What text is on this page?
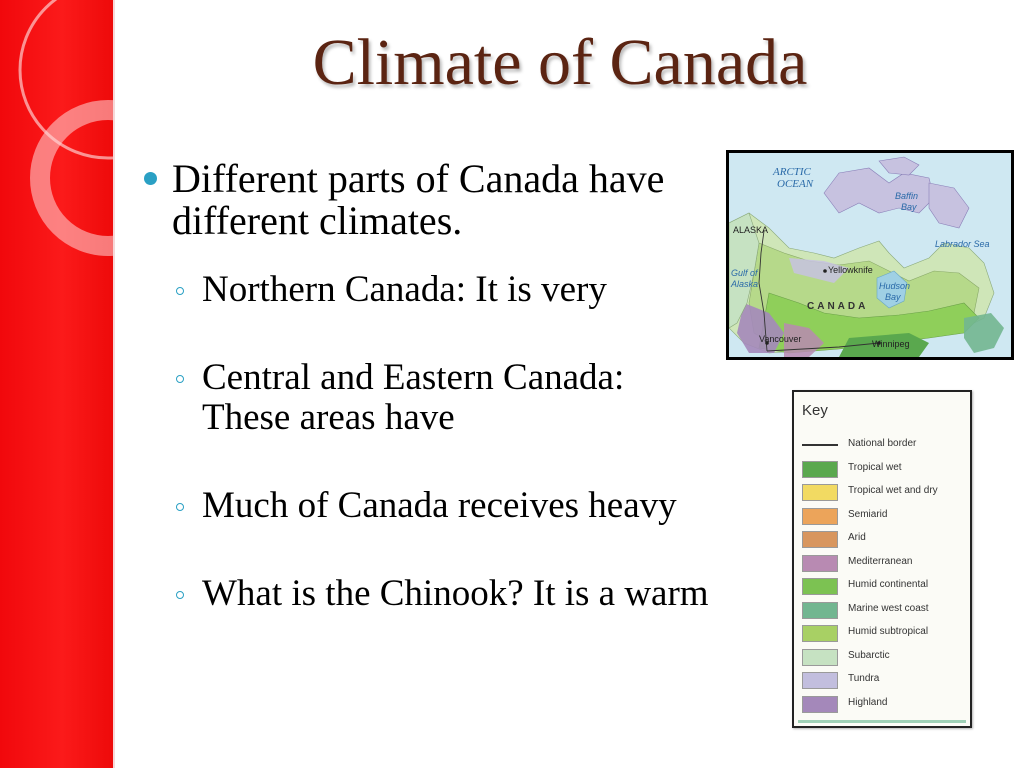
Climate of Canada
Different parts of Canada have different climates.
Northern Canada: It is very
Central and Eastern Canada: These areas have
Much of Canada receives heavy
What is the Chinook? It is a warm
ARCTIC
OCEAN
ALASKA
Gulf of
Alaska
Yellowknife
Hudson
Bay
Baffin
Bay
Labrador Sea
CANADA
Vancouver	Winnipeg
Key
National border
Tropical wet
Tropical wet and dry
Semiarid
Arid
Mediterranean
Humid continental
Marine west coast
Humid subtropical
Subarctic
Tundra
Highland
